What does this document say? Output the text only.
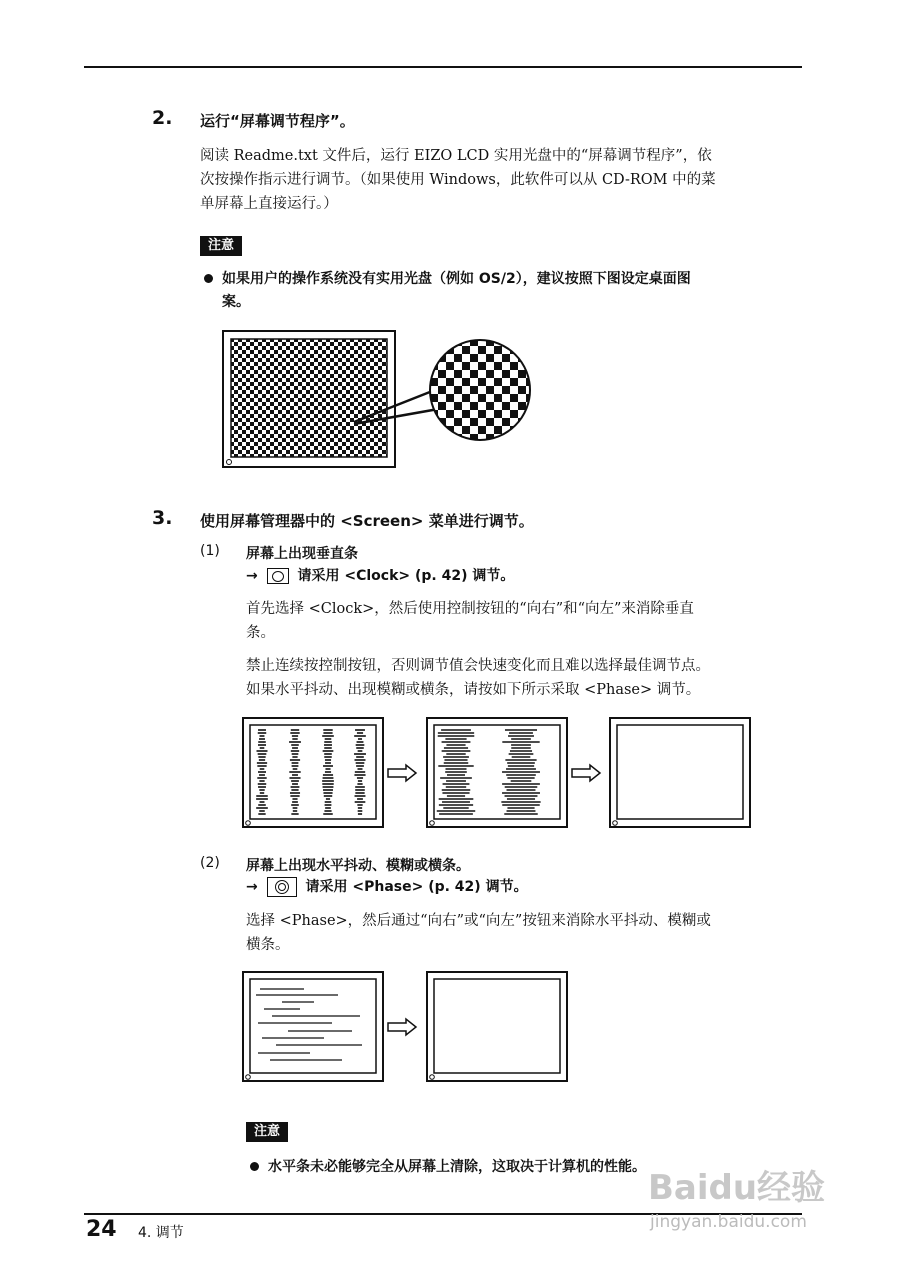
2. 运行“屏幕调节程序”。
阅读 Readme.txt 文件后，运行 EIZO LCD 实用光盘中的“屏幕调节程序”，依
次按操作指示进行调节。（如果使用 Windows，此软件可以从 CD-ROM 中的菜
单屏幕上直接运行。）
注意
如果用户的操作系统没有实用光盘（例如 OS/2），建议按照下图设定桌面图
案。
3. 使用屏幕管理器中的 <Screen> 菜单进行调节。
(1) 屏幕上出现垂直条
→	请采用 <Clock> (p. 42) 调节。
首先选择 <Clock>，然后使用控制按钮的“向右”和“向左”来消除垂直
条。
禁止连续按控制按钮，否则调节值会快速变化而且难以选择最佳调节点。
如果水平抖动、出现模糊或横条，请按如下所示采取 <Phase> 调节。
(2) 屏幕上出现水平抖动、模糊或横条。
→	请采用 <Phase> (p. 42) 调节。
选择 <Phase>，然后通过“向右”或“向左”按钮来消除水平抖动、模糊或
横条。
注意
水平条未必能够完全从屏幕上清除，这取决于计算机的性能。
24 4. 调节
Baidu经验
jingyan.baidu.com
